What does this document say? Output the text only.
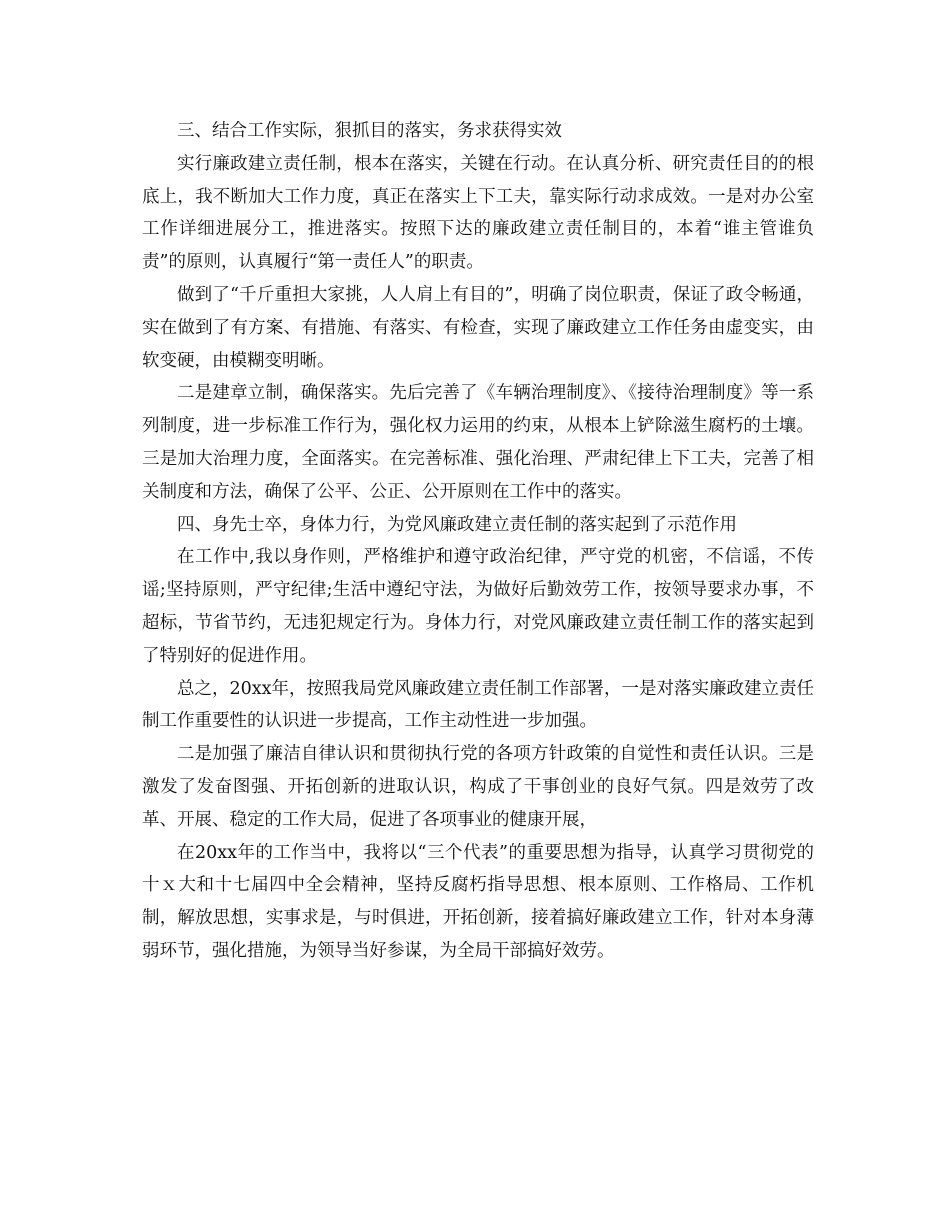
三、结合工作实际，狠抓目的落实，务求获得实效

实行廉政建立责任制，根本在落实，关键在行动。在认真分析、研究责任目的的根底上，我不断加大工作力度，真正在落实上下工夫，靠实际行动求成效。一是对办公室工作详细进展分工，推进落实。按照下达的廉政建立责任制目的，本着“谁主管谁负责”的原则，认真履行“第一责任人”的职责。

做到了“千斤重担大家挑，人人肩上有目的”，明确了岗位职责，保证了政令畅通，实在做到了有方案、有措施、有落实、有检查，实现了廉政建立工作任务由虚变实，由软变硬，由模糊变明晰。

二是建章立制，确保落实。先后完善了《车辆治理制度》、《接待治理制度》等一系列制度，进一步标准工作行为，强化权力运用的约束，从根本上铲除滋生腐朽的土壤。三是加大治理力度，全面落实。在完善标准、强化治理、严肃纪律上下工夫，完善了相关制度和方法，确保了公平、公正、公开原则在工作中的落实。

四、身先士卒，身体力行，为党风廉政建立责任制的落实起到了示范作用

在工作中,我以身作则，严格维护和遵守政治纪律，严守党的机密，不信谣，不传谣;坚持原则，严守纪律;生活中遵纪守法，为做好后勤效劳工作，按领导要求办事，不超标，节省节约，无违犯规定行为。身体力行，对党风廉政建立责任制工作的落实起到了特别好的促进作用。

总之，20xx年，按照我局党风廉政建立责任制工作部署，一是对落实廉政建立责任制工作重要性的认识进一步提高，工作主动性进一步加强。

二是加强了廉洁自律认识和贯彻执行党的各项方针政策的自觉性和责任认识。三是激发了发奋图强、开拓创新的进取认识，构成了干事创业的良好气氛。四是效劳了改革、开展、稳定的工作大局，促进了各项事业的健康开展，

在20xx年的工作当中，我将以“三个代表”的重要思想为指导，认真学习贯彻党的十ｘ大和十七届四中全会精神，坚持反腐朽指导思想、根本原则、工作格局、工作机制，解放思想，实事求是，与时俱进，开拓创新，接着搞好廉政建立工作，针对本身薄弱环节，强化措施，为领导当好参谋，为全局干部搞好效劳。
